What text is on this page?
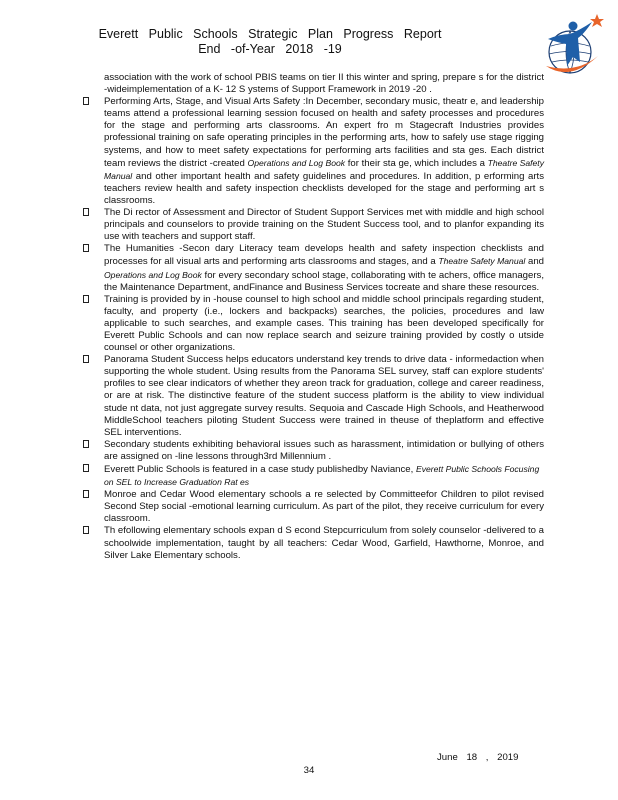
Everett Public Schools Strategic Plan Progress Report
End -of-Year 2018 -19

association with the work of school PBIS teams on tier II this winter and spring, prepare s for the district -wideimplementation of a K- 12 S ystems of Support Framework in 2019 -20 .

Performing Arts, Stage, and Visual Arts Safety :In December, secondary music, theatr e, and leadership teams attend a professional learning session focused on health and safety processes and procedures for the stage and performing arts classrooms. An expert fro m Stagecraft Industries provides professional training on safe operating principles in the performing arts, how to safely use stage rigging systems, and how to meet safety expectations for performing arts facilities and sta ges. Each district team reviews the district -created Operations and Log Book for their sta ge, which includes a Theatre Safety Manual and other important health and safety guidelines and procedures. In addition, p erforming arts teachers review health and safety inspection checklists developed for the stage and performing art s classrooms.

The Di rector of Assessment and Director of Student Support Services met with middle and high school principals and counselors to provide training on the Student Success tool, and to planfor expanding its use with teachers and support staff.

The Humanities -Secon dary Literacy team develops health and safety inspection checklists and processes for all visual arts and performing arts classrooms and stages, and a Theatre Safety Manual and Operations and Log Book for every secondary school stage, collaborating with te achers, office managers, the Maintenance Department, andFinance and Business Services tocreate and share these resources.

Training is provided by in -house counsel to high school and middle school principals regarding student, faculty, and property (i.e., lockers and backpacks) searches, the policies, procedures and law applicable to such searches, and example cases. This training has been developed specifically for Everett Public Schools and can now replace search and seizure training provided by costly o utside counsel or other organizations.

Panorama Student Success helps educators understand key trends to drive data - informedaction when supporting the whole student. Using results from the Panorama SEL survey, staff can explore students' profiles to see clear indicators of whether they areon track for graduation, college and career readiness, or are at risk. The distinctive feature of the student success platform is the ability to view individual stude nt data, not just aggregate survey results. Sequoia and Cascade High Schools, and Heatherwood MiddleSchool teachers piloting Student Success were trained in theuse of theplatform and effective SEL interventions.

Secondary students exhibiting behavioral issues such as harassment, intimidation or bullying of others are assigned on -line lessons through3rd Millennium .

Everett Public Schools is featured in a case study publishedby Naviance, Everett Public Schools Focusing on SEL to Increase Graduation Rat es

Monroe and Cedar Wood elementary schools a re selected by Committeefor Children to pilot revised Second Step social -emotional learning curriculum. As part of the pilot, they receive curriculum for every classroom.

Th efollowing elementary schools expan d S econd Stepcurriculum from solely counselor -delivered to a schoolwide implementation, taught by all teachers: Cedar Wood, Garfield, Hawthorne, Monroe, and Silver Lake Elementary schools.

June 18 , 2019
34
